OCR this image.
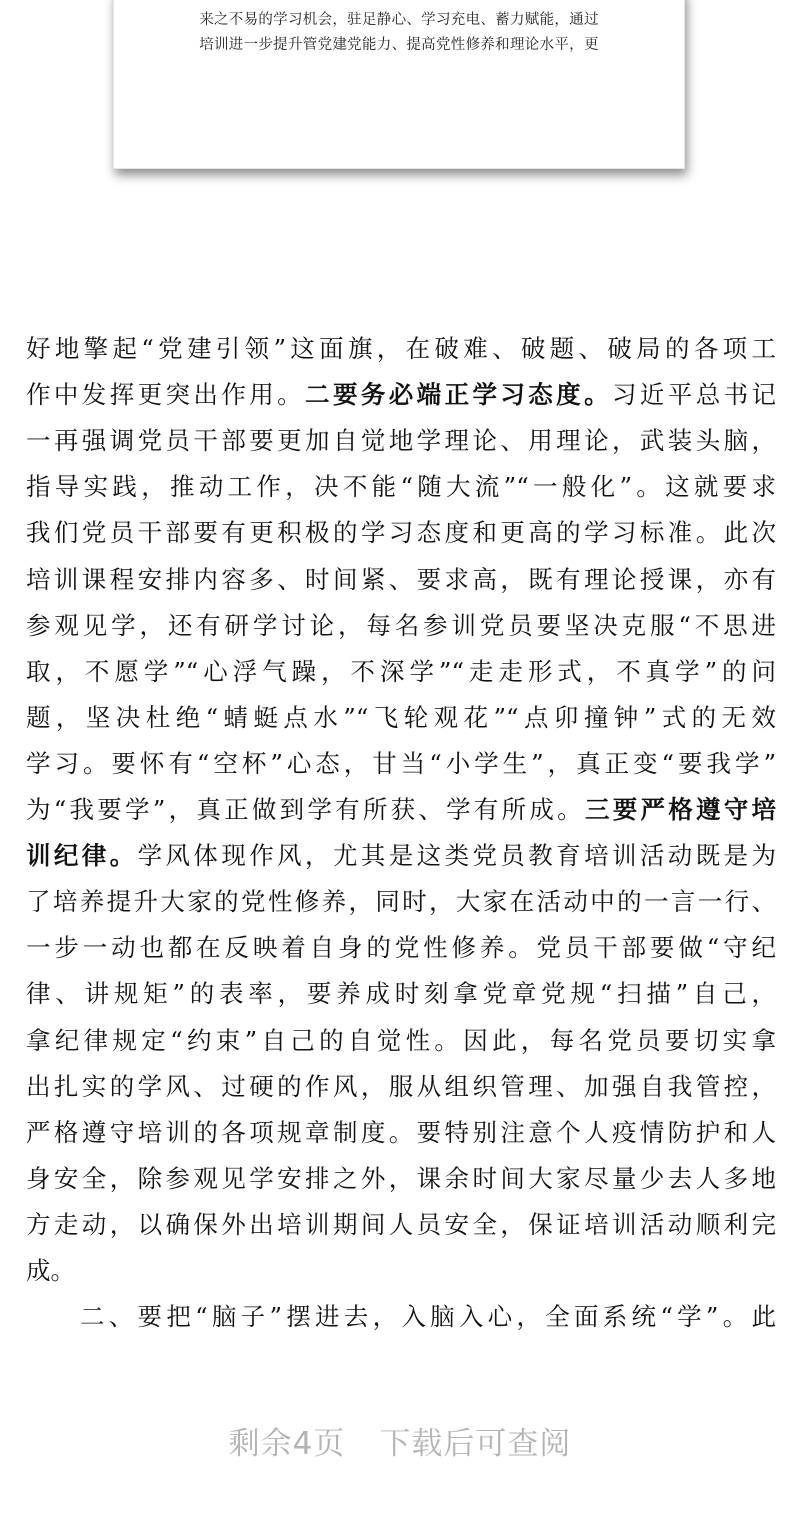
来之不易的学习机会，驻足静心、学习充电、蓄力赋能，通过
培训进一步提升管党建党能力、提高党性修养和理论水平，更
好地擎起“党建引领”这面旗，在破难、破题、破局的各项工
作中发挥更突出作用。二要务必端正学习态度。习近平总书记
一再强调党员干部要更加自觉地学理论、用理论，武装头脑，
指导实践，推动工作，决不能“随大流”“一般化”。这就要求
我们党员干部要有更积极的学习态度和更高的学习标准。此次
培训课程安排内容多、时间紧、要求高，既有理论授课，亦有
参观见学，还有研学讨论，每名参训党员要坚决克服“不思进
取，不愿学”“心浮气躁，不深学”“走走形式，不真学”的问
题，坚决杜绝“蜻蜓点水”“飞轮观花”“点卯撞钟”式的无效
学习。要怀有“空杯”心态，甘当“小学生”，真正变“要我学”
为“我要学”，真正做到学有所获、学有所成。三要严格遵守培
训纪律。学风体现作风，尤其是这类党员教育培训活动既是为
了培养提升大家的党性修养，同时，大家在活动中的一言一行、
一步一动也都在反映着自身的党性修养。党员干部要做“守纪
律、讲规矩”的表率，要养成时刻拿党章党规“扫描”自己，
拿纪律规定“约束”自己的自觉性。因此，每名党员要切实拿
出扎实的学风、过硬的作风，服从组织管理、加强自我管控，
严格遵守培训的各项规章制度。要特别注意个人疫情防护和人
身安全，除参观见学安排之外，课余时间大家尽量少去人多地
方走动，以确保外出培训期间人员安全，保证培训活动顺利完
成。
二、要把“脑子”摆进去，入脑入心，全面系统“学”。此
剩余4页 下载后可查阅
